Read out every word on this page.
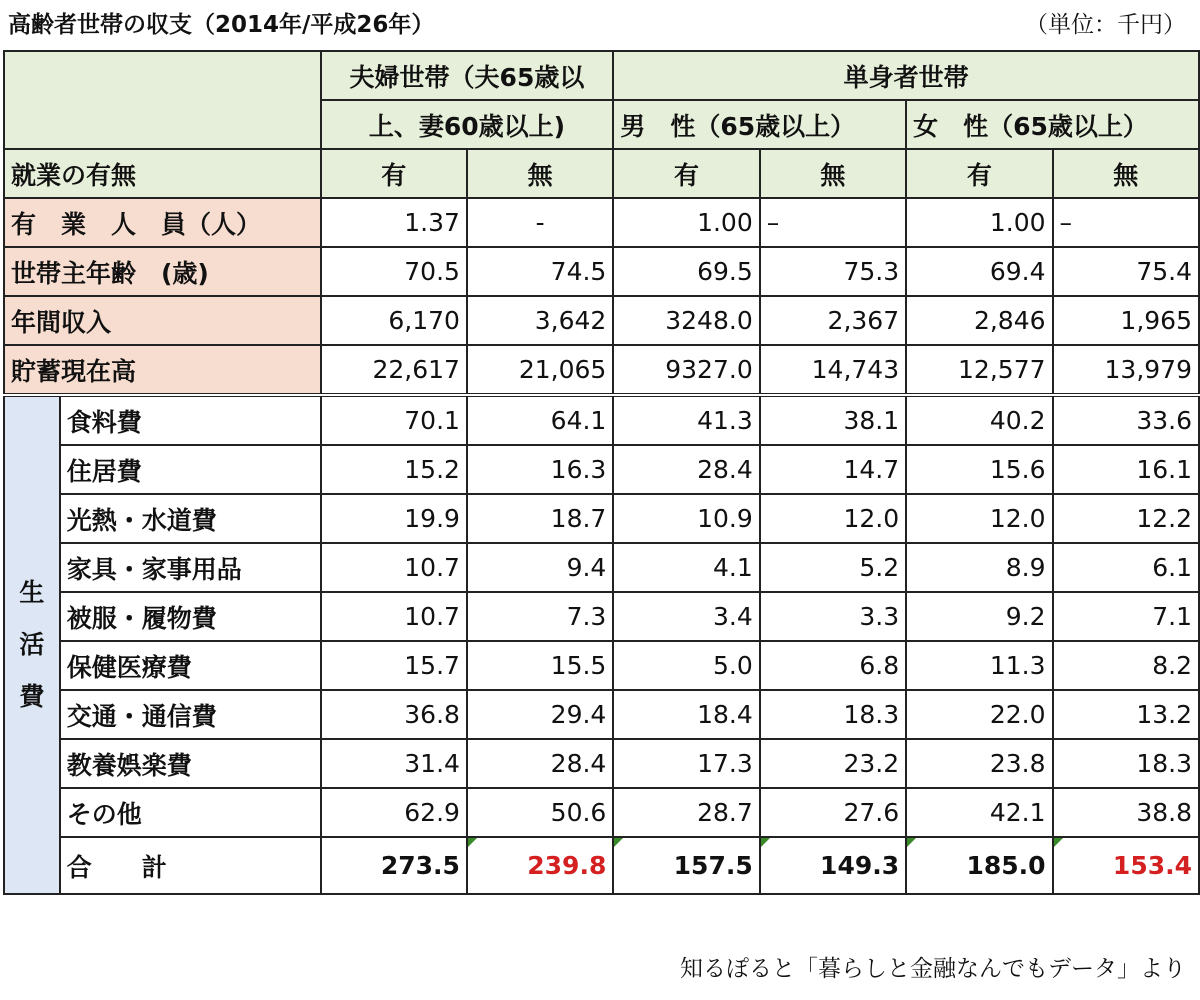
高齢者世帯の収支（2014年/平成26年）	（単位：千円）
		夫婦世帯（夫65歳以		単身者世帯			
		上、妻60歳以上)		男　性（65歳以上）		女　性（65歳以上）	
就業の有無		有	無	有	無	有	無
有　業　人　員（人）		1.37	-	1.00	–	1.00	–
世帯主年齢　(歳)		70.5	74.5	69.5	75.3	69.4	75.4
年間収入		6,170	3,642	3248.0	2,367	2,846	1,965
貯蓄現在高		22,617	21,065	9327.0	14,743	12,577	13,979

生
活
費	食料費	70.1	64.1	41.3	38.1	40.2	33.6
	住居費	15.2	16.3	28.4	14.7	15.6	16.1
	光熱・水道費	19.9	18.7	10.9	12.0	12.0	12.2
	家具・家事用品	10.7	9.4	4.1	5.2	8.9	6.1
	被服・履物費	10.7	7.3	3.4	3.3	9.2	7.1
	保健医療費	15.7	15.5	5.0	6.8	11.3	8.2
	交通・通信費	36.8	29.4	18.4	18.3	22.0	13.2
	教養娯楽費	31.4	28.4	17.3	23.2	23.8	18.3
	その他	62.9	50.6	28.7	27.6	42.1	38.8
	合　　計	273.5	239.8	157.5	149.3	185.0	153.4
知るぽると「暮らしと金融なんでもデータ」より
